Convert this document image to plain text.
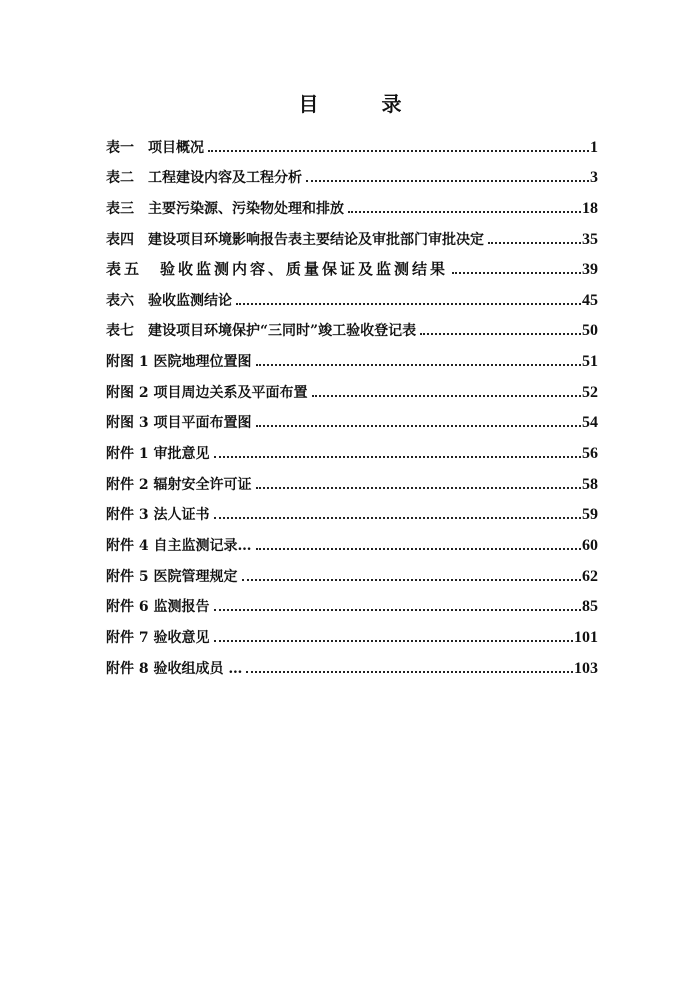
目 录
表一　项目概况	1
表二　工程建设内容及工程分析	3
表三　主要污染源、污染物处理和排放	18
表四　建设项目环境影响报告表主要结论及审批部门审批决定	35
表五　验收监测内容、质量保证及监测结果	39
表六　验收监测结论	45
表七　建设项目环境保护“三同时”竣工验收登记表	50
附图 1 医院地理位置图	51
附图 2 项目周边关系及平面布置	52
附图 3 项目平面布置图	54
附件 1 审批意见	56
附件 2 辐射安全许可证	58
附件 3 法人证书	59
附件 4 自主监测记录…	60
附件 5 医院管理规定	62
附件 6 监测报告	85
附件 7 验收意见	101
附件 8 验收组成员 …	103
